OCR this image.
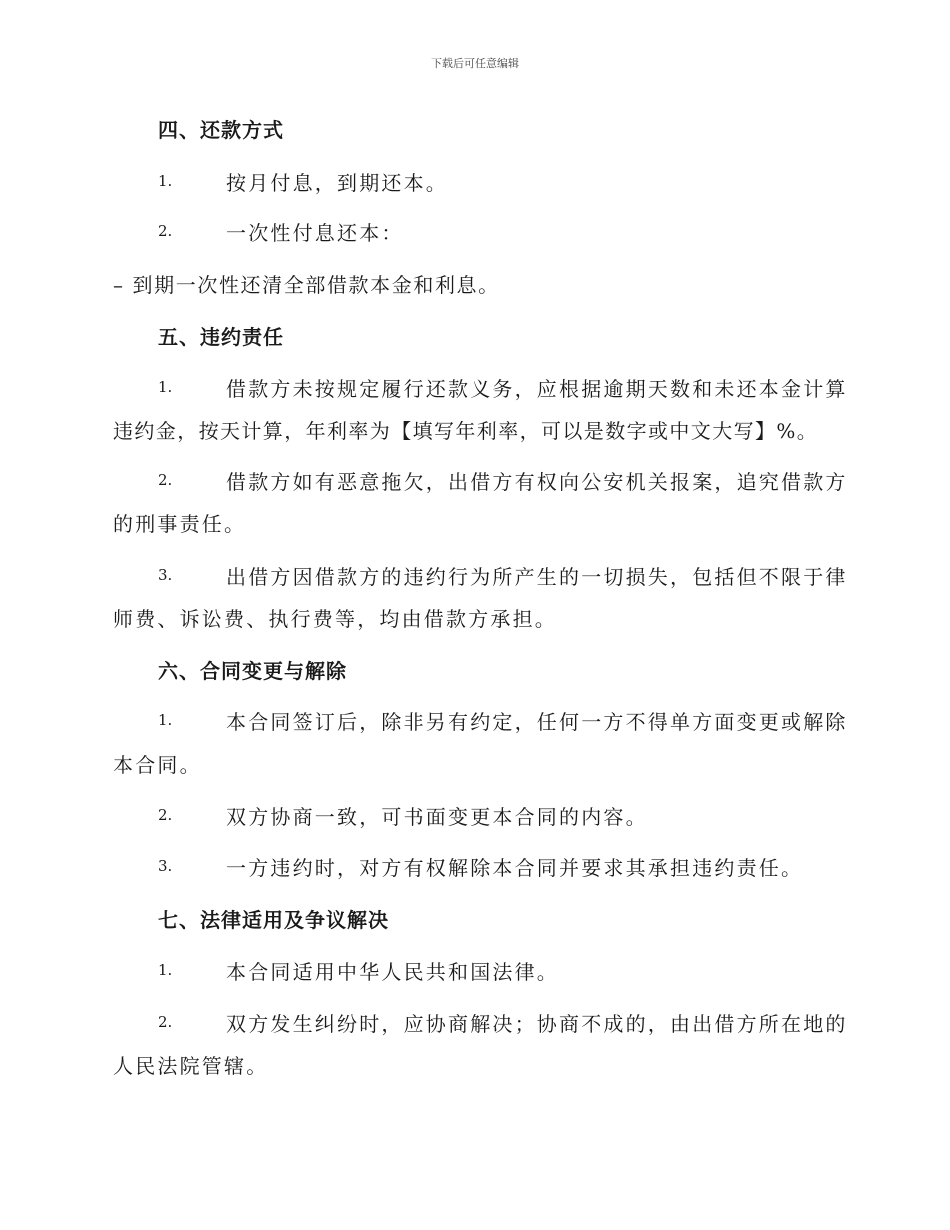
下载后可任意编辑
四、还款方式
1.	按月付息，到期还本。
2.	一次性付息还本：
– 到期一次性还清全部借款本金和利息。
五、违约责任
1.	借款方未按规定履行还款义务，应根据逾期天数和未还本金计算
违约金，按天计算，年利率为【填写年利率，可以是数字或中文大写】%。
2.	借款方如有恶意拖欠，出借方有权向公安机关报案，追究借款方
的刑事责任。
3.	出借方因借款方的违约行为所产生的一切损失，包括但不限于律
师费、诉讼费、执行费等，均由借款方承担。
六、合同变更与解除
1.	本合同签订后，除非另有约定，任何一方不得单方面变更或解除
本合同。
2.	双方协商一致，可书面变更本合同的内容。
3.	一方违约时，对方有权解除本合同并要求其承担违约责任。
七、法律适用及争议解决
1.	本合同适用中华人民共和国法律。
2.	双方发生纠纷时，应协商解决；协商不成的，由出借方所在地的
人民法院管辖。
